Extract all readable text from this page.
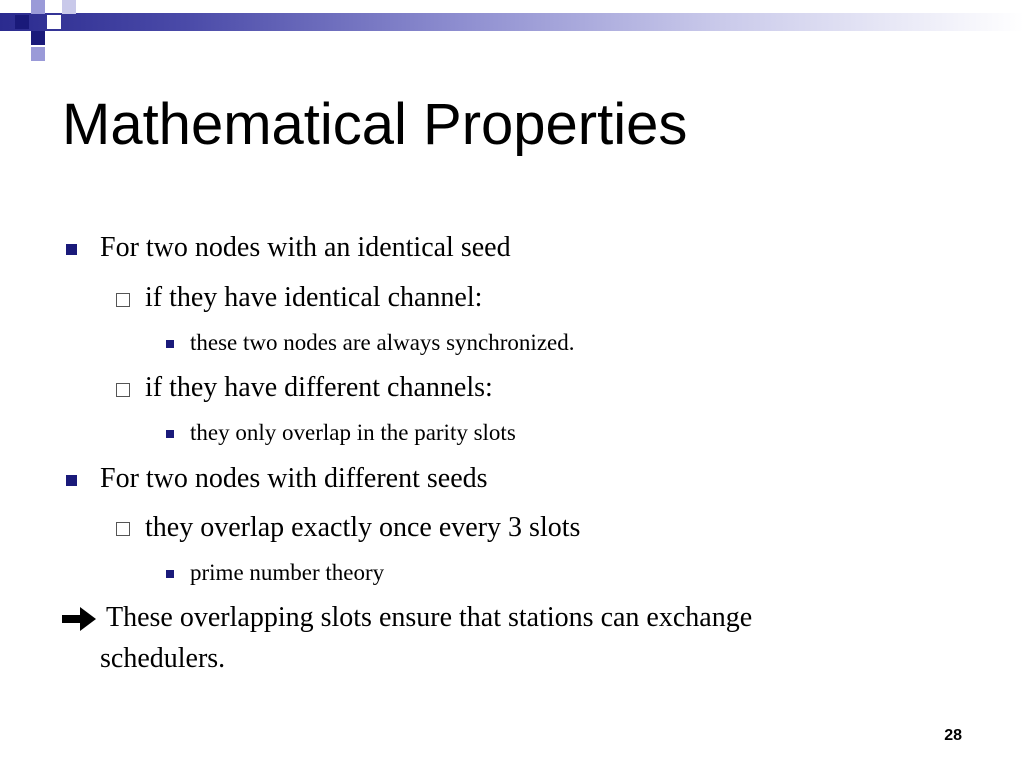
Mathematical Properties
For two nodes with an identical seed
if they have identical channel:
these two nodes are always synchronized.
if they have different channels:
they only overlap in the parity slots
For two nodes with different seeds
they overlap exactly once every 3 slots
prime number theory
These overlapping slots ensure that stations can exchange
schedulers.
28
